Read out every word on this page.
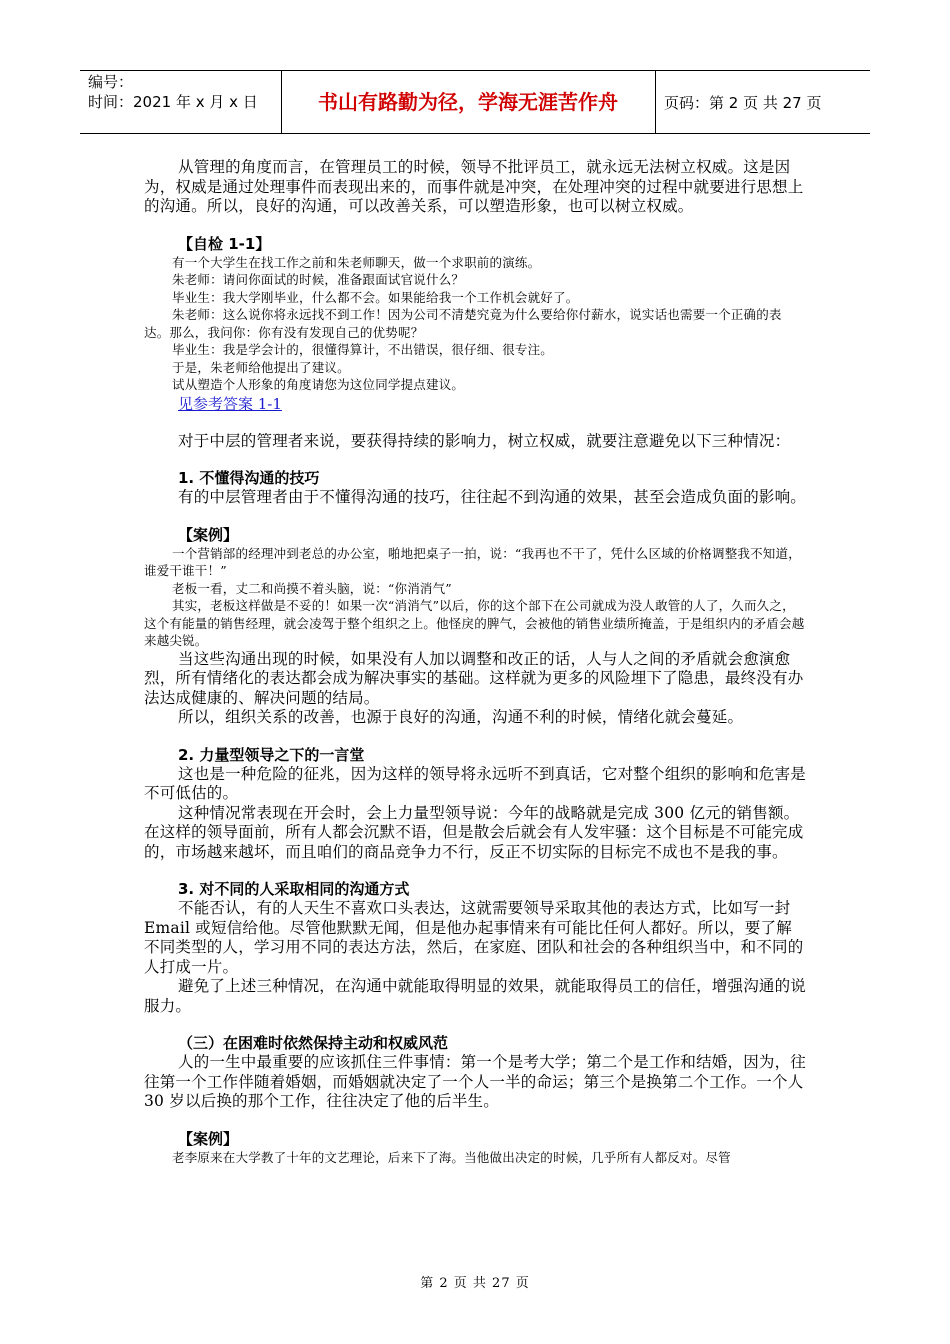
编号：
时间：2021 年 x 月 x 日	书山有路勤为径，学海无涯苦作舟	页码：第 2 页 共 27 页

从管理的角度而言，在管理员工的时候，领导不批评员工，就永远无法树立权威。这是因为，权威是通过处理事件而表现出来的，而事件就是冲突，在处理冲突的过程中就要进行思想上的沟通。所以，良好的沟通，可以改善关系，可以塑造形象，也可以树立权威。

【自检 1-1】

有一个大学生在找工作之前和朱老师聊天，做一个求职前的演练。

朱老师：请问你面试的时候，准备跟面试官说什么？

毕业生：我大学刚毕业，什么都不会。如果能给我一个工作机会就好了。

朱老师：这么说你将永远找不到工作！因为公司不清楚究竟为什么要给你付薪水，说实话也需要一个正确的表达。那么，我问你：你有没有发现自己的优势呢？

毕业生：我是学会计的，很懂得算计，不出错误，很仔细、很专注。

于是，朱老师给他提出了建议。

试从塑造个人形象的角度请您为这位同学提点建议。

见参考答案 1-1

对于中层的管理者来说，要获得持续的影响力，树立权威，就要注意避免以下三种情况：

1. 不懂得沟通的技巧

有的中层管理者由于不懂得沟通的技巧，往往起不到沟通的效果，甚至会造成负面的影响。

【案例】

一个营销部的经理冲到老总的办公室，啪地把桌子一拍，说：“我再也不干了，凭什么区域的价格调整我不知道，谁爱干谁干！”

老板一看，丈二和尚摸不着头脑，说：“你消消气”

其实，老板这样做是不妥的！如果一次“消消气”以后，你的这个部下在公司就成为没人敢管的人了，久而久之，这个有能量的销售经理，就会凌驾于整个组织之上。他怪戾的脾气，会被他的销售业绩所掩盖，于是组织内的矛盾会越来越尖锐。

当这些沟通出现的时候，如果没有人加以调整和改正的话，人与人之间的矛盾就会愈演愈烈，所有情绪化的表达都会成为解决事实的基础。这样就为更多的风险埋下了隐患，最终没有办法达成健康的、解决问题的结局。

所以，组织关系的改善，也源于良好的沟通，沟通不利的时候，情绪化就会蔓延。

2. 力量型领导之下的一言堂

这也是一种危险的征兆，因为这样的领导将永远听不到真话，它对整个组织的影响和危害是不可低估的。

这种情况常表现在开会时，会上力量型领导说：今年的战略就是完成 300 亿元的销售额。在这样的领导面前，所有人都会沉默不语，但是散会后就会有人发牢骚：这个目标是不可能完成的，市场越来越坏，而且咱们的商品竞争力不行，反正不切实际的目标完不成也不是我的事。

3. 对不同的人采取相同的沟通方式

不能否认，有的人天生不喜欢口头表达，这就需要领导采取其他的表达方式，比如写一封 Email 或短信给他。尽管他默默无闻，但是他办起事情来有可能比任何人都好。所以，要了解不同类型的人，学习用不同的表达方法，然后，在家庭、团队和社会的各种组织当中，和不同的人打成一片。

避免了上述三种情况，在沟通中就能取得明显的效果，就能取得员工的信任，增强沟通的说服力。

（三）在困难时依然保持主动和权威风范

人的一生中最重要的应该抓住三件事情：第一个是考大学；第二个是工作和结婚，因为，往往第一个工作伴随着婚姻，而婚姻就决定了一个人一半的命运；第三个是换第二个工作。一个人 30 岁以后换的那个工作，往往决定了他的后半生。

【案例】

老李原来在大学教了十年的文艺理论，后来下了海。当他做出决定的时候，几乎所有人都反对。尽管

第 2 页 共 27 页
